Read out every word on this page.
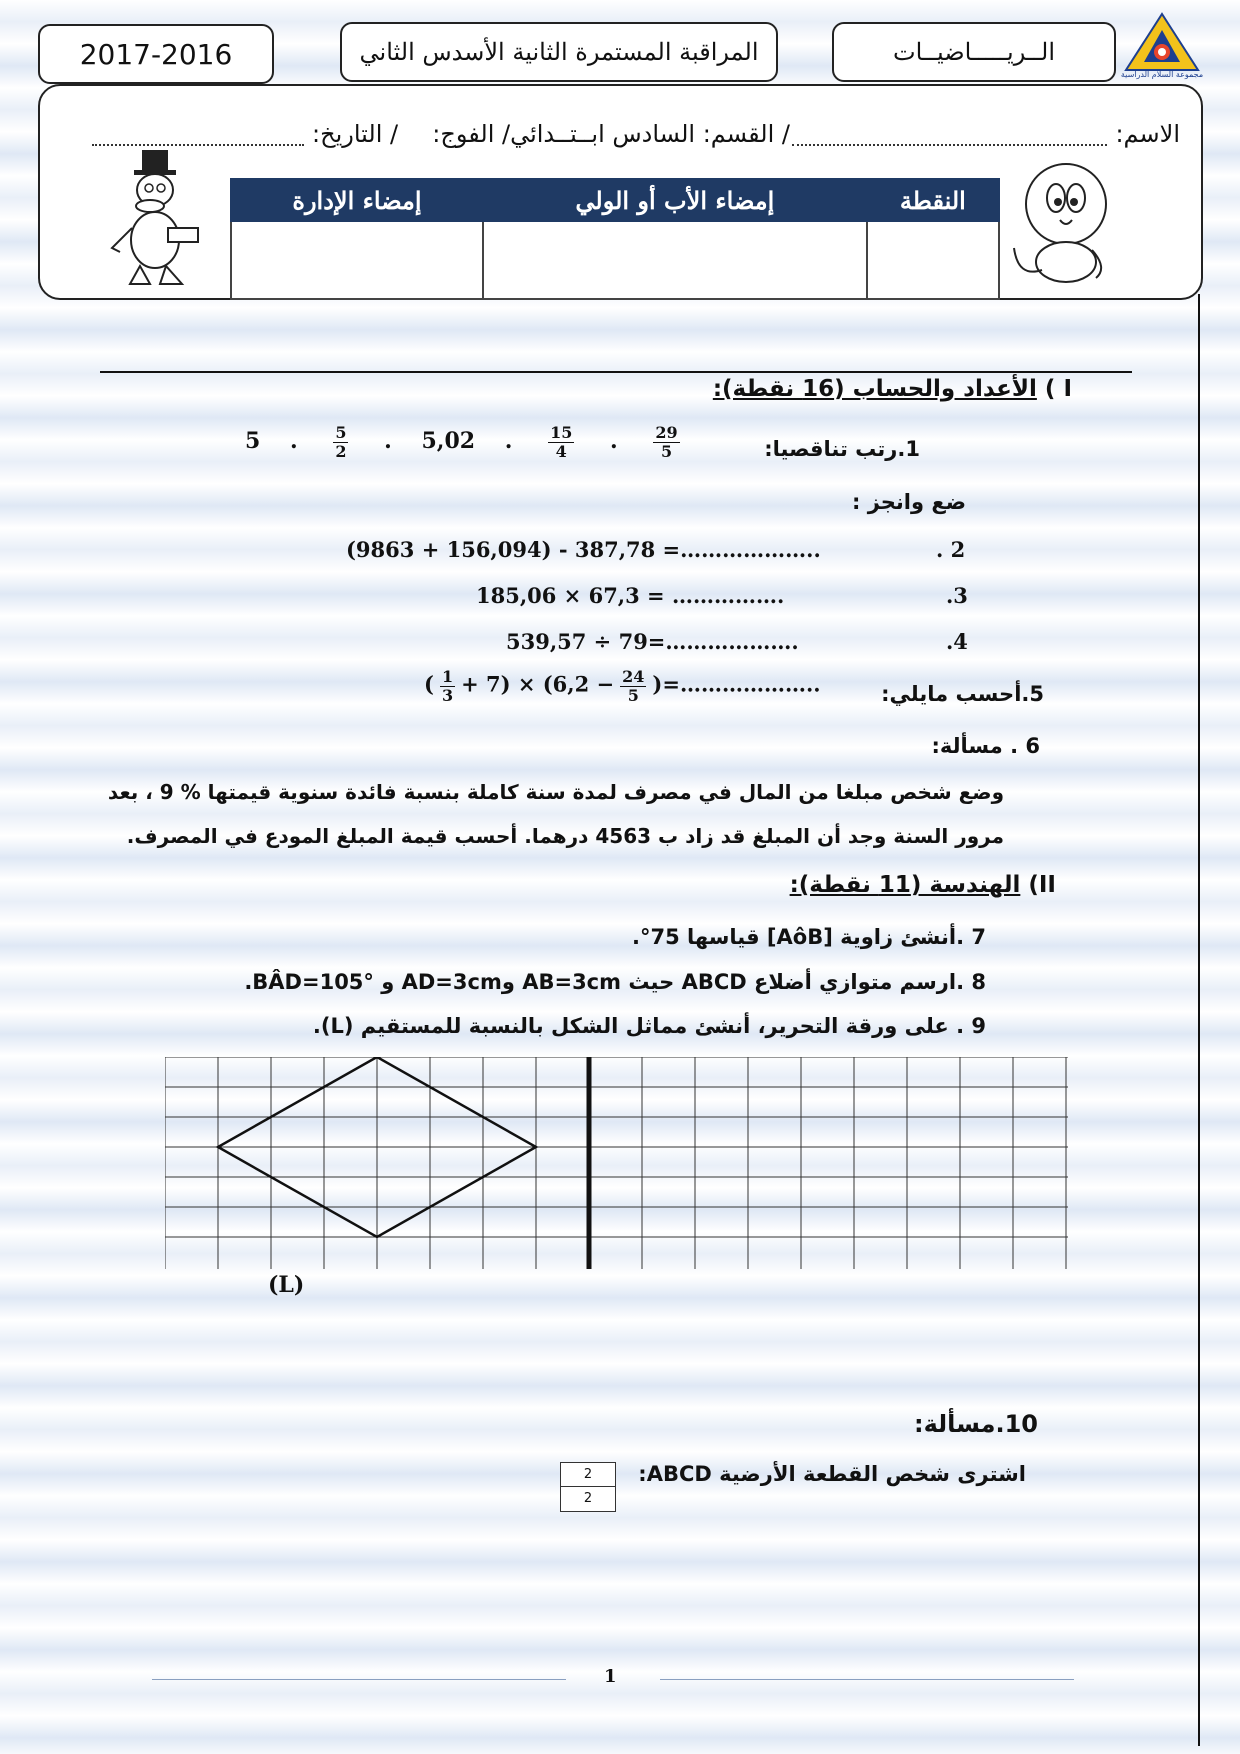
2017-2016	المراقبة المستمرة الثانية الأسدس الثاني	الــريـــــاضيــات
مجموعة السلام الدراسية
الاسم:
/ القسم: السادس ابــتــدائي/ الفوج:
/ التاريخ:
النقطة	إمضاء الأب أو الولي	إمضاء الإدارة

I ) الأعداد والحساب (16 نقطة):
1.رتب تناقصيا:
5 . $\frac{5}{2}$ . 5,02 . $\frac{15}{4}$ . $\frac{29}{5}$
ضع وانجز :
. 2
(9863 + 156,094) - 387,78 =………………..
.3
185,06 × 67,3 = …………….
.4
539,57 ÷ 79=……………….
5.أحسب مايلي:
( $\frac{1}{3} + 7) \times (6,2 - \frac{24}{5}$ )=………………..
6 . مسألة:
وضع شخص مبلغا من المال في مصرف لمدة سنة كاملة بنسبة فائدة سنوية قيمتها % 9 ، بعد
مرور السنة وجد أن المبلغ قد زاد ب 4563 درهما. أحسب قيمة المبلغ المودع في المصرف.
II) الهندسة (11 نقطة):
7 .أنشئ زاوية [AôB] قياسها 75°.
8 .ارسم متوازي أضلاع ABCD حيث AB=3cm وAD=3cm و BÂD=105°.
9 . على ورقة التحرير، أنشئ مماثل الشكل بالنسبة للمستقيم (L).
(L)
10.مسألة:
اشترى شخص القطعة الأرضية ABCD:
2
2
1
